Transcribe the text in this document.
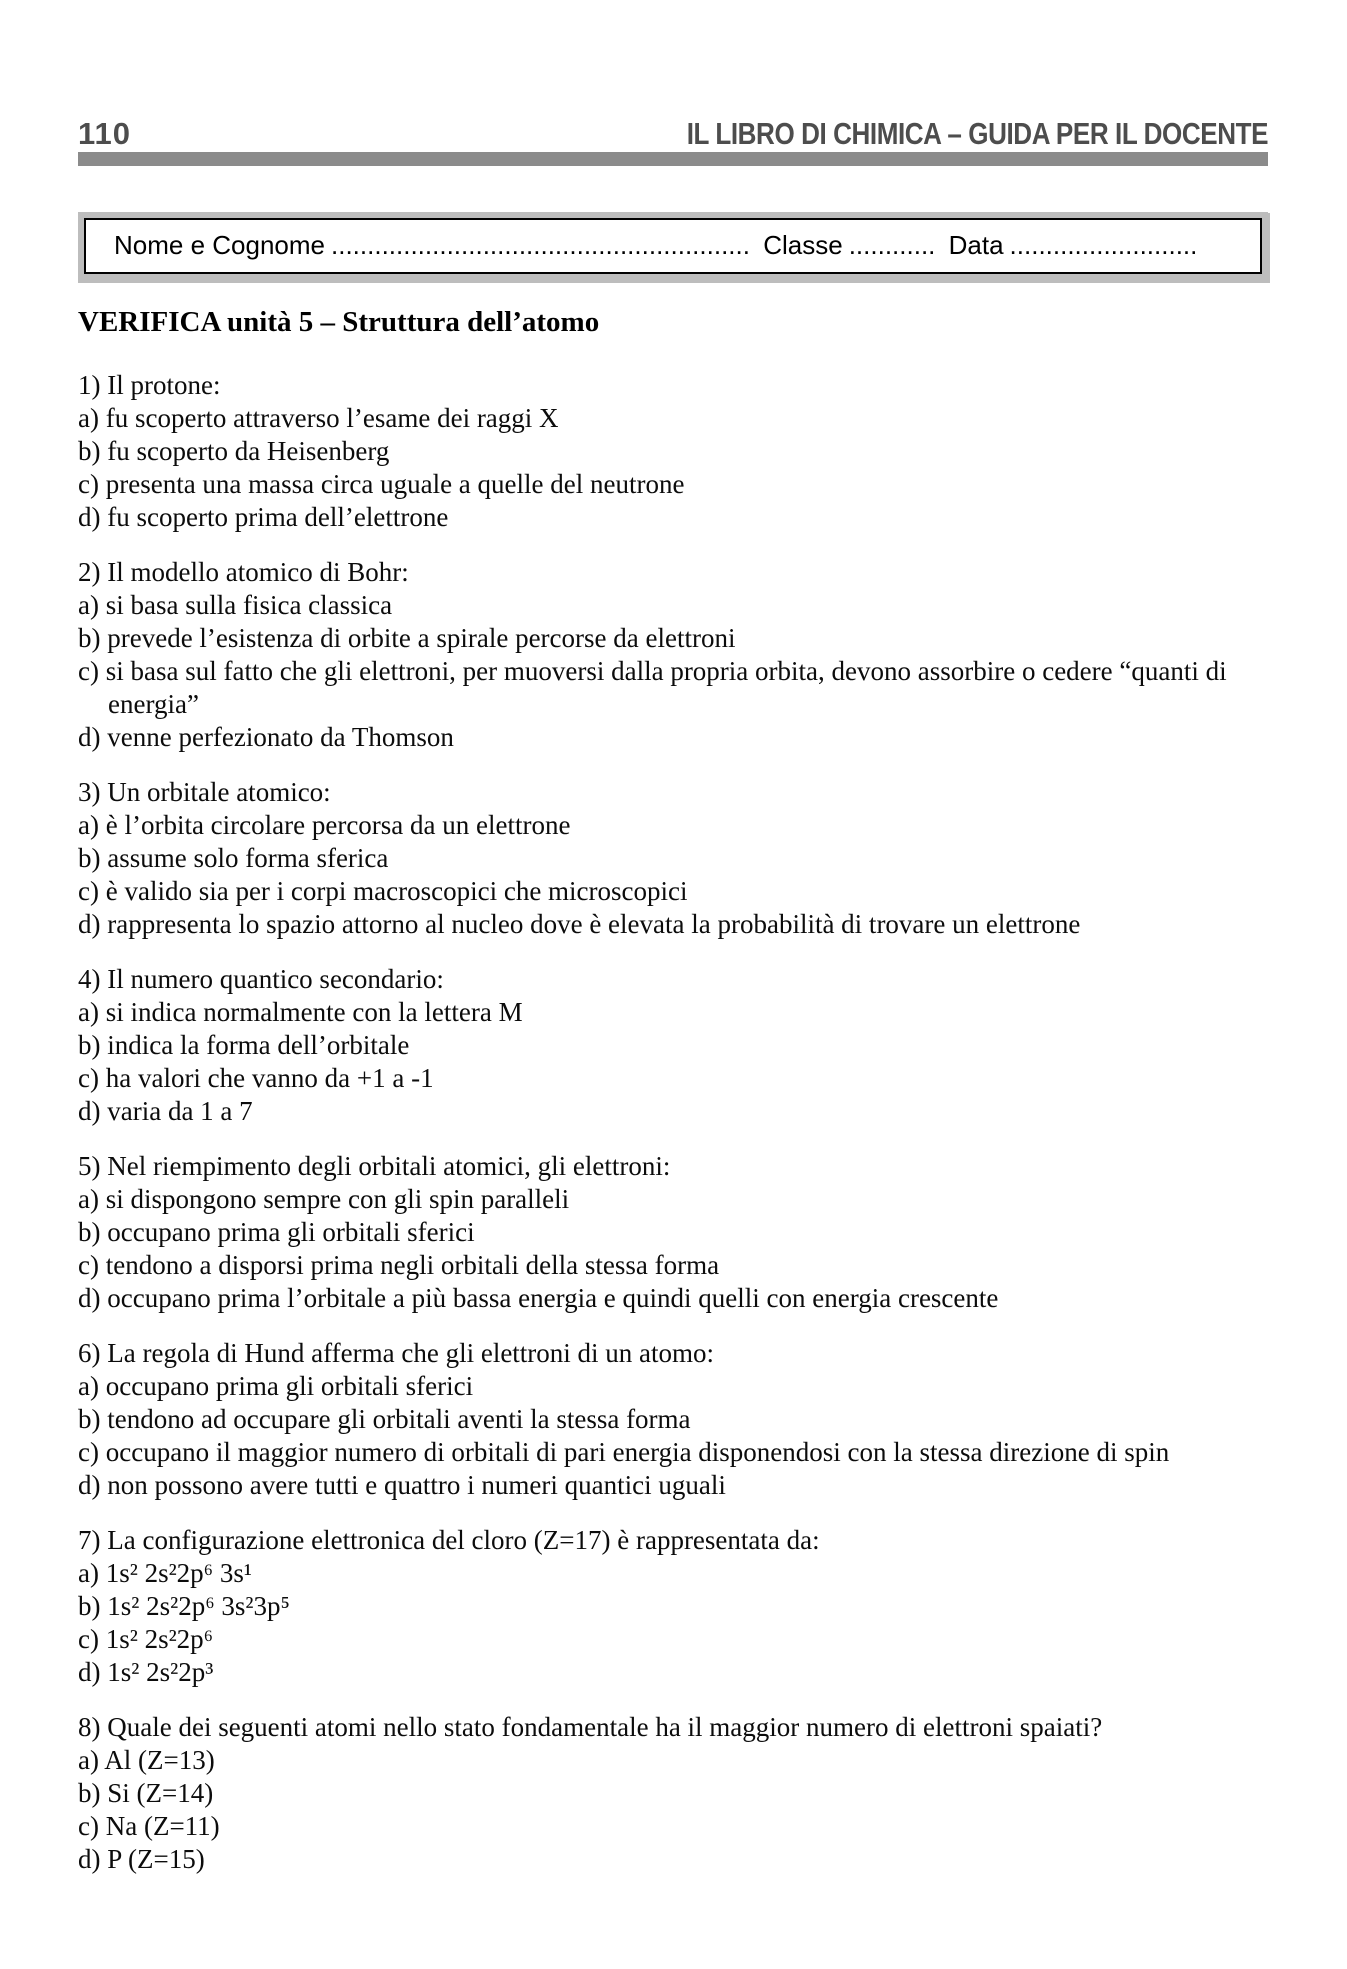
110	IL LIBRO DI CHIMICA – GUIDA PER IL DOCENTE
Nome e Cognome .......................................................... Classe ............ Data ..........................
VERIFICA unità 5 – Struttura dell’atomo

1) Il protone:

a) fu scoperto attraverso l’esame dei raggi X

b) fu scoperto da Heisenberg

c) presenta una massa circa uguale a quelle del neutrone

d) fu scoperto prima dell’elettrone

2) Il modello atomico di Bohr:

a) si basa sulla fisica classica

b) prevede l’esistenza di orbite a spirale percorse da elettroni

c) si basa sul fatto che gli elettroni, per muoversi dalla propria orbita, devono assorbire o cedere “quanti di energia”

d) venne perfezionato da Thomson

3) Un orbitale atomico:

a) è l’orbita circolare percorsa da un elettrone

b) assume solo forma sferica

c) è valido sia per i corpi macroscopici che microscopici

d) rappresenta lo spazio attorno al nucleo dove è elevata la probabilità di trovare un elettrone

4) Il numero quantico secondario:

a) si indica normalmente con la lettera M

b) indica la forma dell’orbitale

c) ha valori che vanno da +1 a -1

d) varia da 1 a 7

5) Nel riempimento degli orbitali atomici, gli elettroni:

a) si dispongono sempre con gli spin paralleli

b) occupano prima gli orbitali sferici

c) tendono a disporsi prima negli orbitali della stessa forma

d) occupano prima l’orbitale a più bassa energia e quindi quelli con energia crescente

6) La regola di Hund afferma che gli elettroni di un atomo:

a) occupano prima gli orbitali sferici

b) tendono ad occupare gli orbitali aventi la stessa forma

c) occupano il maggior numero di orbitali di pari energia disponendosi con la stessa direzione di spin

d) non possono avere tutti e quattro i numeri quantici uguali

7) La configurazione elettronica del cloro (Z=17) è rappresentata da:

a) 1s² 2s²2p⁶ 3s¹

b) 1s² 2s²2p⁶ 3s²3p⁵

c) 1s² 2s²2p⁶

d) 1s² 2s²2p³

8) Quale dei seguenti atomi nello stato fondamentale ha il maggior numero di elettroni spaiati?

a) Al (Z=13)

b) Si (Z=14)

c) Na (Z=11)

d) P (Z=15)
